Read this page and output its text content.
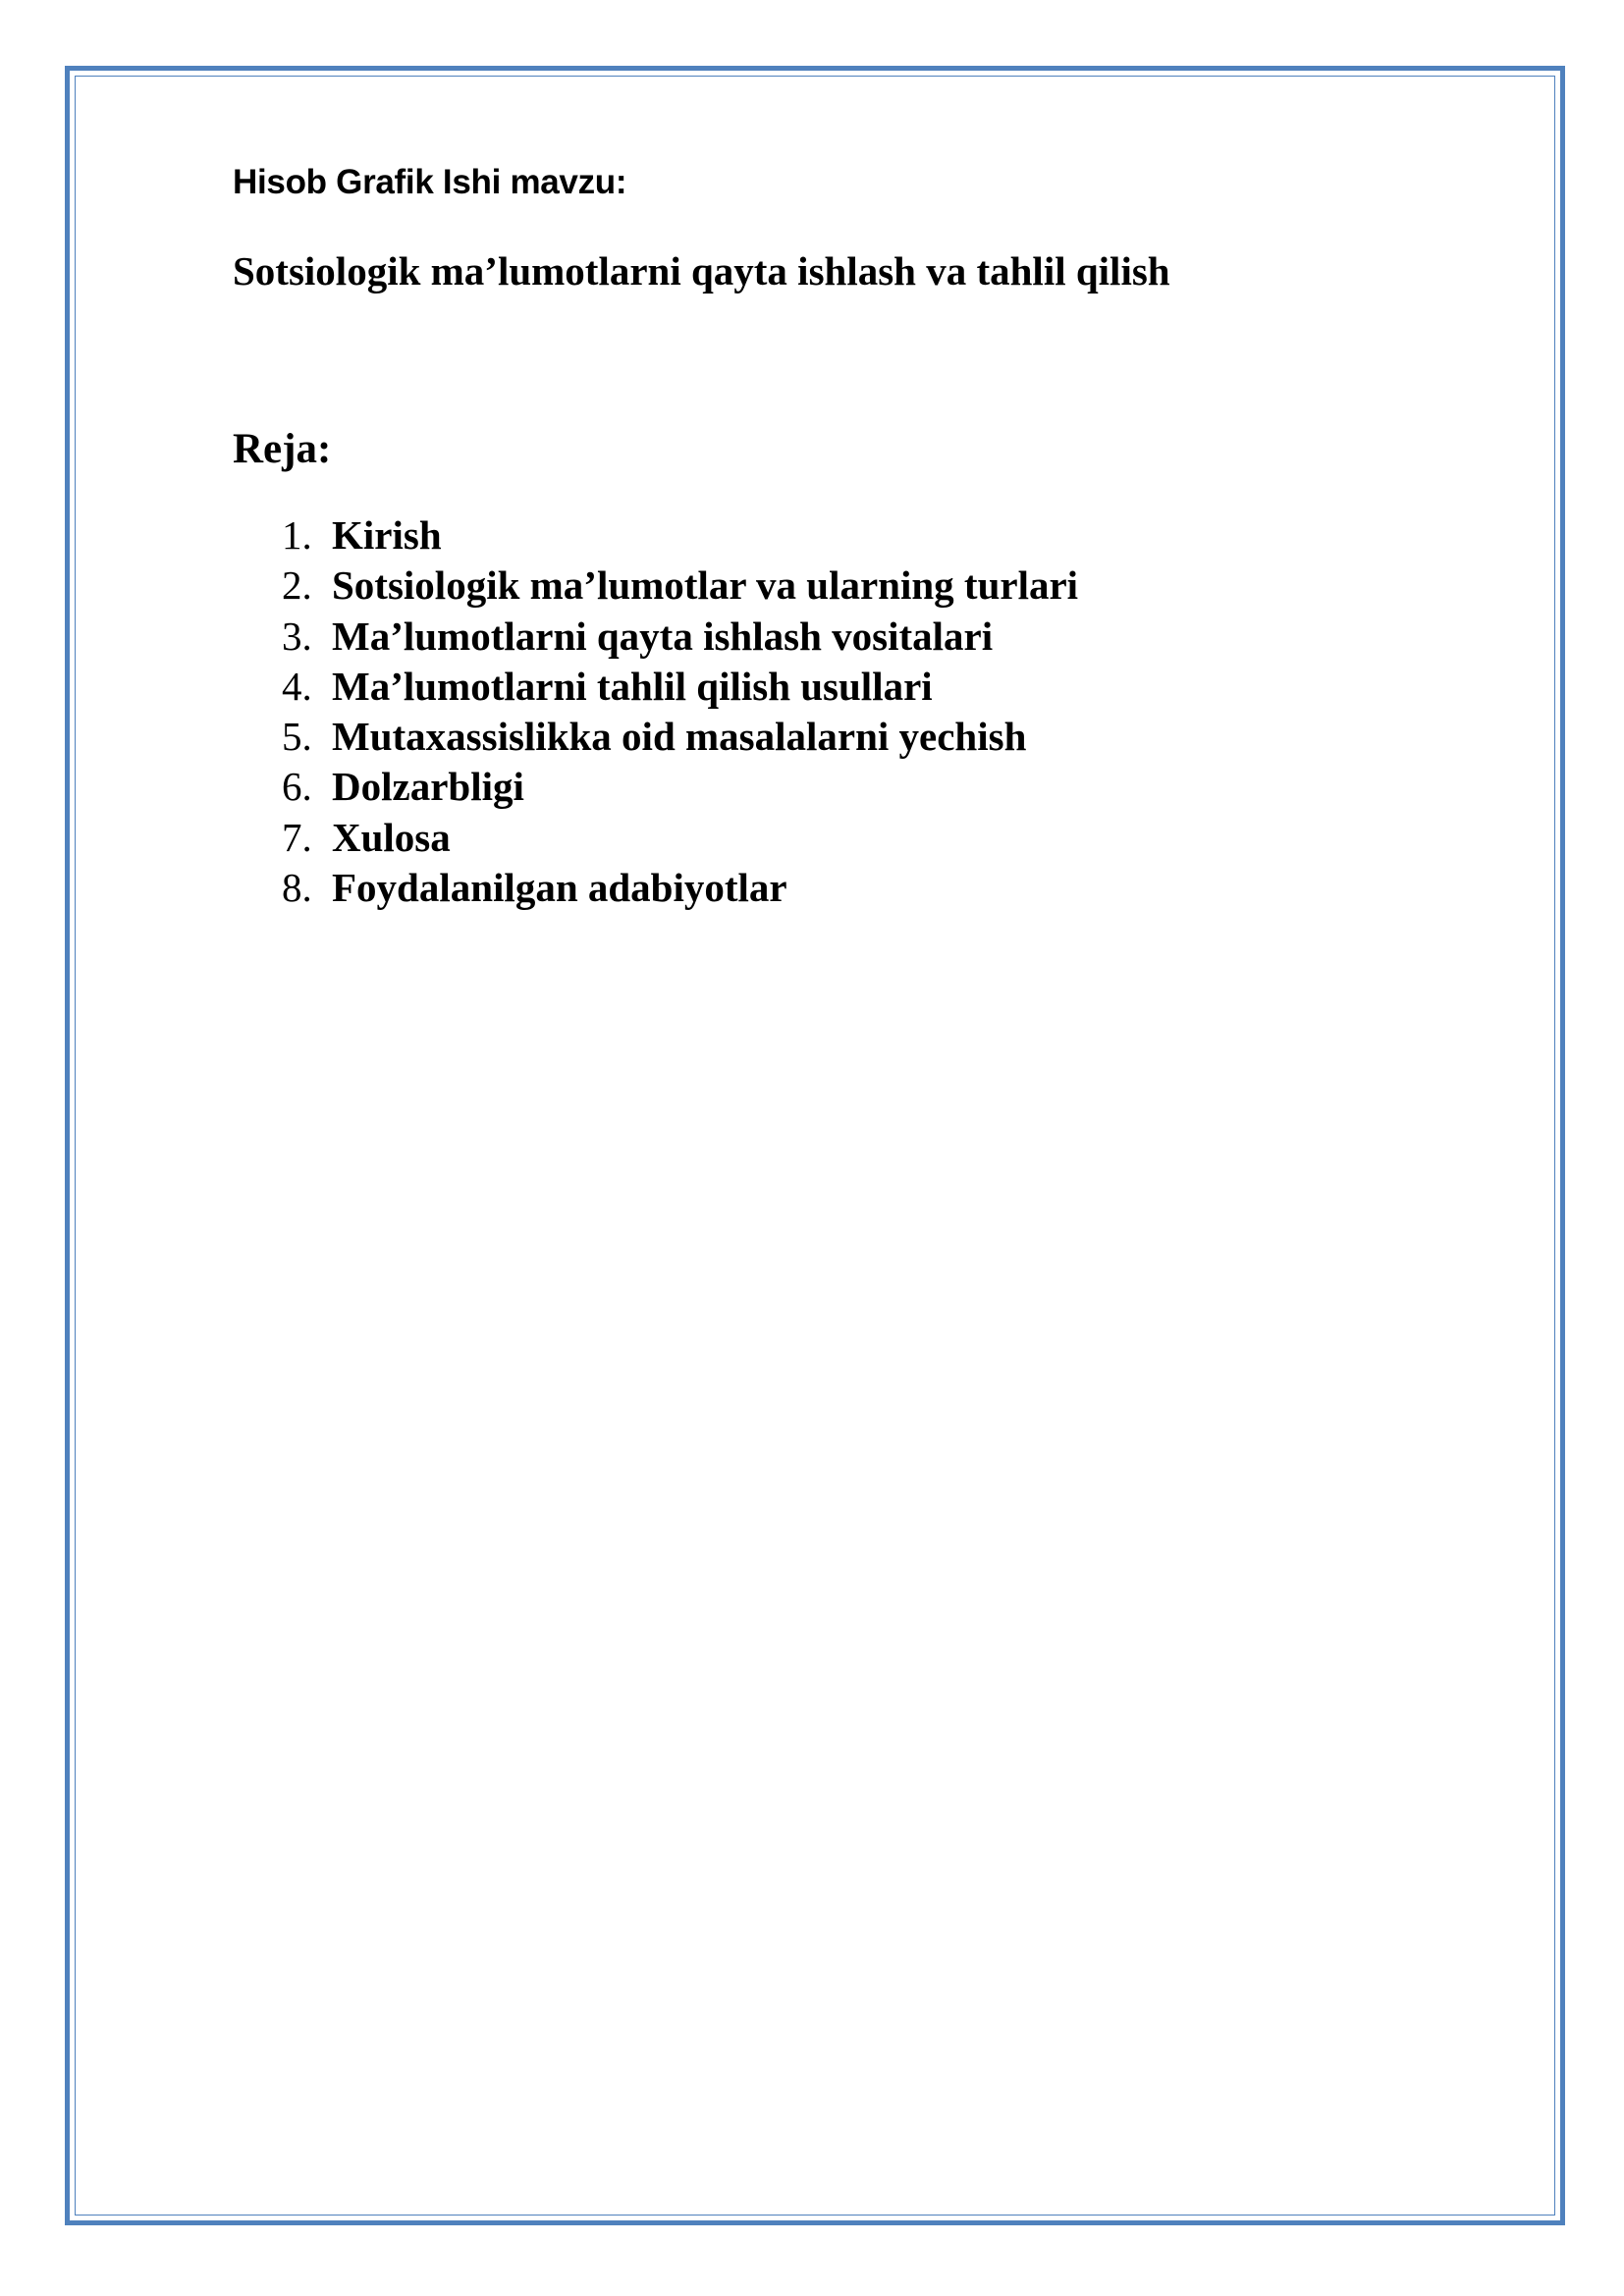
Hisob Grafik Ishi mavzu:
Sotsiologik ma’lumotlarni qayta ishlash va tahlil qilish
Reja:
1. Kirish
2. Sotsiologik ma’lumotlar va ularning turlari
3. Ma’lumotlarni qayta ishlash vositalari
4. Ma’lumotlarni tahlil qilish usullari
5. Mutaxassislikka oid masalalarni yechish
6. Dolzarbligi
7. Xulosa
8. Foydalanilgan adabiyotlar
